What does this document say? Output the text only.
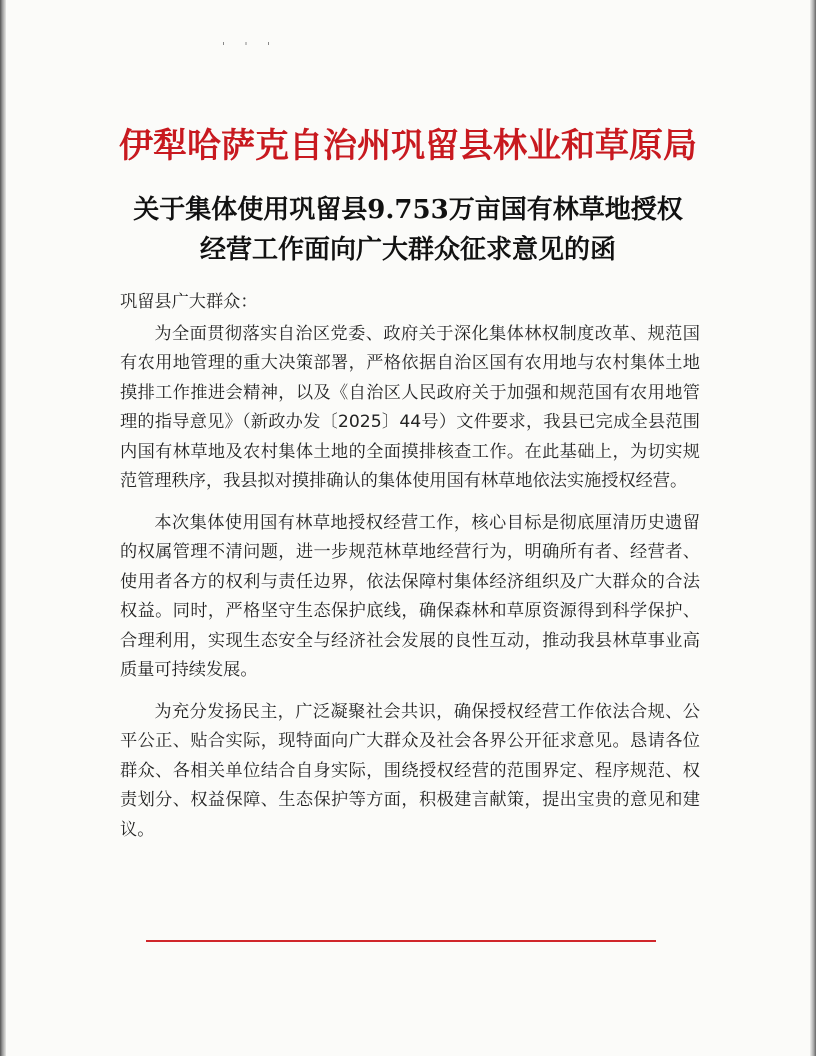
' ' '
伊犁哈萨克自治州巩留县林业和草原局
关于集体使用巩留县9.753万亩国有林草地授权
经营工作面向广大群众征求意见的函

巩留县广大群众：

为全面贯彻落实自治区党委、政府关于深化集体林权制度改革、规范国有农用地管理的重大决策部署，严格依据自治区国有农用地与农村集体土地摸排工作推进会精神，以及《自治区人民政府关于加强和规范国有农用地管理的指导意见》（新政办发〔2025〕44号）文件要求，我县已完成全县范围内国有林草地及农村集体土地的全面摸排核查工作。在此基础上，为切实规范管理秩序，我县拟对摸排确认的集体使用国有林草地依法实施授权经营。

本次集体使用国有林草地授权经营工作，核心目标是彻底厘清历史遗留的权属管理不清问题，进一步规范林草地经营行为，明确所有者、经营者、使用者各方的权利与责任边界，依法保障村集体经济组织及广大群众的合法权益。同时，严格坚守生态保护底线，确保森林和草原资源得到科学保护、合理利用，实现生态安全与经济社会发展的良性互动，推动我县林草事业高质量可持续发展。

为充分发扬民主，广泛凝聚社会共识，确保授权经营工作依法合规、公平公正、贴合实际，现特面向广大群众及社会各界公开征求意见。恳请各位群众、各相关单位结合自身实际，围绕授权经营的范围界定、程序规范、权责划分、权益保障、生态保护等方面，积极建言献策，提出宝贵的意见和建议。
